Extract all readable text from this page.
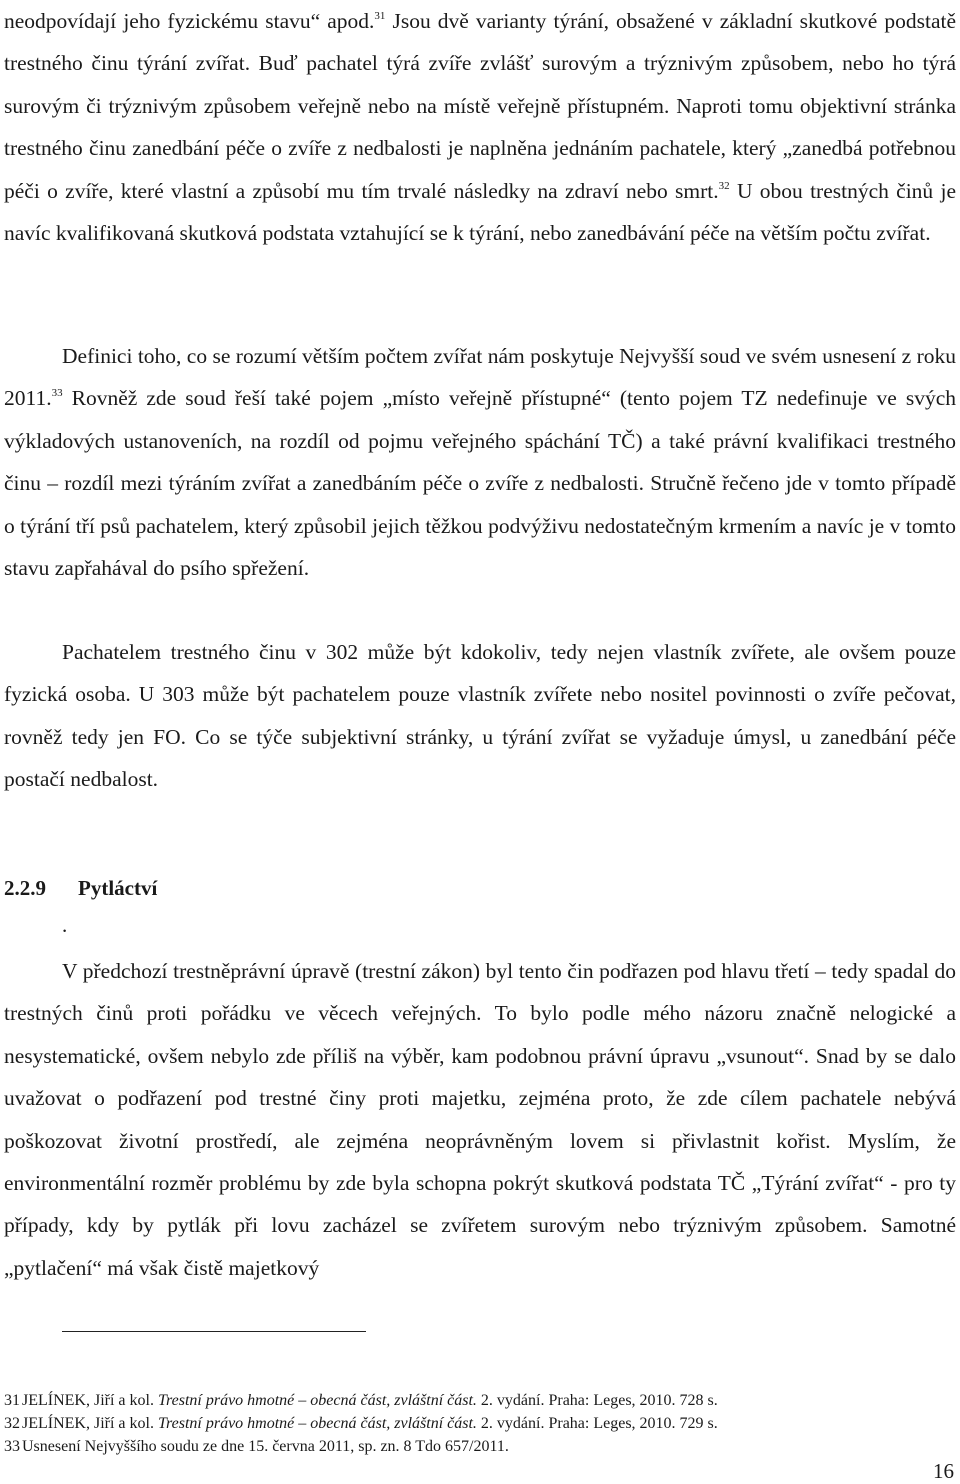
neodpovídají jeho fyzickému stavu“ apod.$^{31}$ Jsou dvě varianty týrání, obsažené v základní skutkové podstatě trestného činu týrání zvířat. Buď pachatel týrá zvíře zvlášť surovým a trýznivým způsobem, nebo ho týrá surovým či trýznivým způsobem veřejně nebo na místě veřejně přístupném. Naproti tomu objektivní stránka trestného činu zanedbání péče o zvíře z nedbalosti je naplněna jednáním pachatele, který „zanedbá potřebnou péči o zvíře, které vlastní a způsobí mu tím trvalé následky na zdraví nebo smrt.$^{32}$ U obou trestných činů je navíc kvalifikovaná skutková podstata vztahující se k týrání, nebo zanedbávání péče na větším počtu zvířat.

Definici toho, co se rozumí větším počtem zvířat nám poskytuje Nejvyšší soud ve svém usnesení z roku 2011.33 Rovněž zde soud řeší také pojem „místo veřejně přístupné“ (tento pojem TZ nedefinuje ve svých výkladových ustanoveních, na rozdíl od pojmu veřejného spáchání TČ) a také právní kvalifikaci trestného činu – rozdíl mezi týráním zvířat a zanedbáním péče o zvíře z nedbalosti. Stručně řečeno jde v tomto případě o týrání tří psů pachatelem, který způsobil jejich těžkou podvýživu nedostatečným krmením a navíc je v tomto stavu zapřahával do psího spřežení.

Pachatelem trestného činu v 302 může být kdokoliv, tedy nejen vlastník zvířete, ale ovšem pouze fyzická osoba. U 303 může být pachatelem pouze vlastník zvířete nebo nositel povinnosti o zvíře pečovat, rovněž tedy jen FO. Co se týče subjektivní stránky, u týrání zvířat se vyžaduje úmysl, u zanedbání péče postačí nedbalost.

2.2.9 Pytláctví

.

V předchozí trestněprávní úpravě (trestní zákon) byl tento čin podřazen pod hlavu třetí – tedy spadal do trestných činů proti pořádku ve věcech veřejných. To bylo podle mého názoru značně nelogické a nesystematické, ovšem nebylo zde příliš na výběr, kam podobnou právní úpravu „vsunout“. Snad by se dalo uvažovat o podřazení pod trestné činy proti majetku, zejména proto, že zde cílem pachatele nebývá poškozovat životní prostředí, ale zejména neoprávněným lovem si přivlastnit kořist. Myslím, že environmentální rozměr problému by zde byla schopna pokrýt skutková podstata TČ „Týrání zvířat“ - pro ty případy, kdy by pytlák při lovu zacházel se zvířetem surovým nebo trýznivým způsobem. Samotné „pytlačení“ má však čistě majetkový

31 JELÍNEK, Jiří a kol. Trestní právo hmotné – obecná část, zvláštní část. 2. vydání. Praha: Leges, 2010. 728 s.

32 JELÍNEK, Jiří a kol. Trestní právo hmotné – obecná část, zvláštní část. 2. vydání. Praha: Leges, 2010. 729 s.

33 Usnesení Nejvyššího soudu ze dne 15. června 2011, sp. zn. 8 Tdo 657/2011.

16
